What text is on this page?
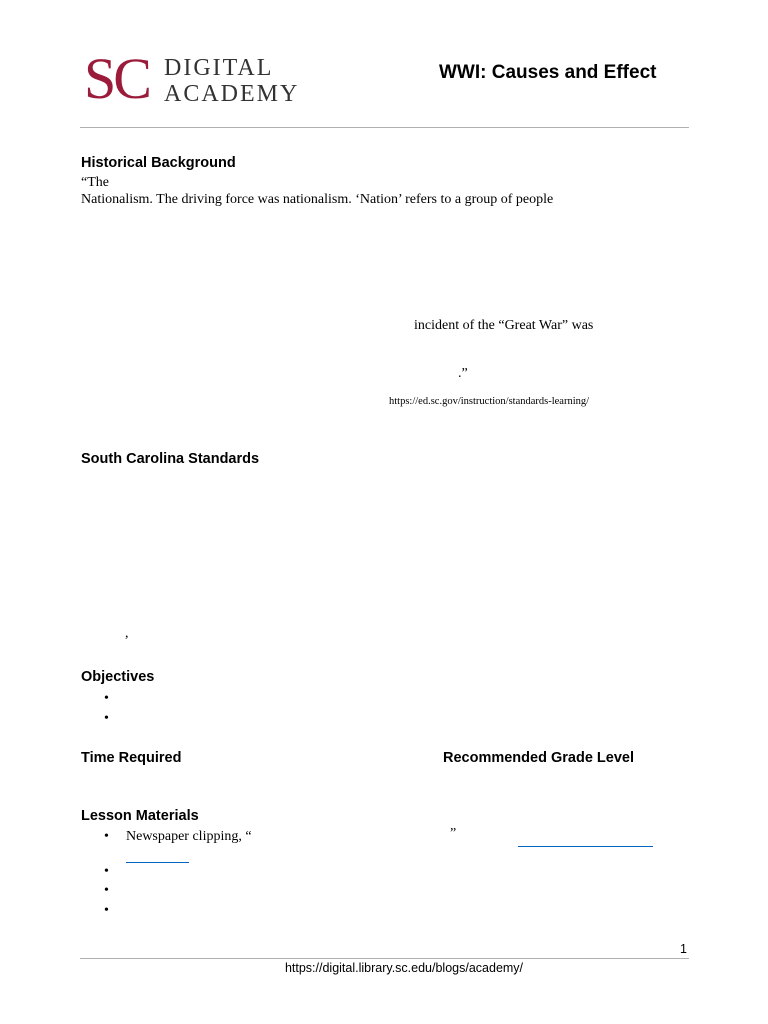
SC DIGITAL
ACADEMY
WWI: Causes and Effect
Historical Background
“The
Nationalism. The driving force was nationalism. ‘Nation’ refers to a group of people
incident of the “Great War” was
.”
https://ed.sc.gov/instruction/standards-learning/
South Carolina Standards
,
Objectives
•
•
Time Required	Recommended Grade Level
Lesson Materials
• Newspaper clipping, “	”
•
•
•
1
https://digital.library.sc.edu/blogs/academy/
